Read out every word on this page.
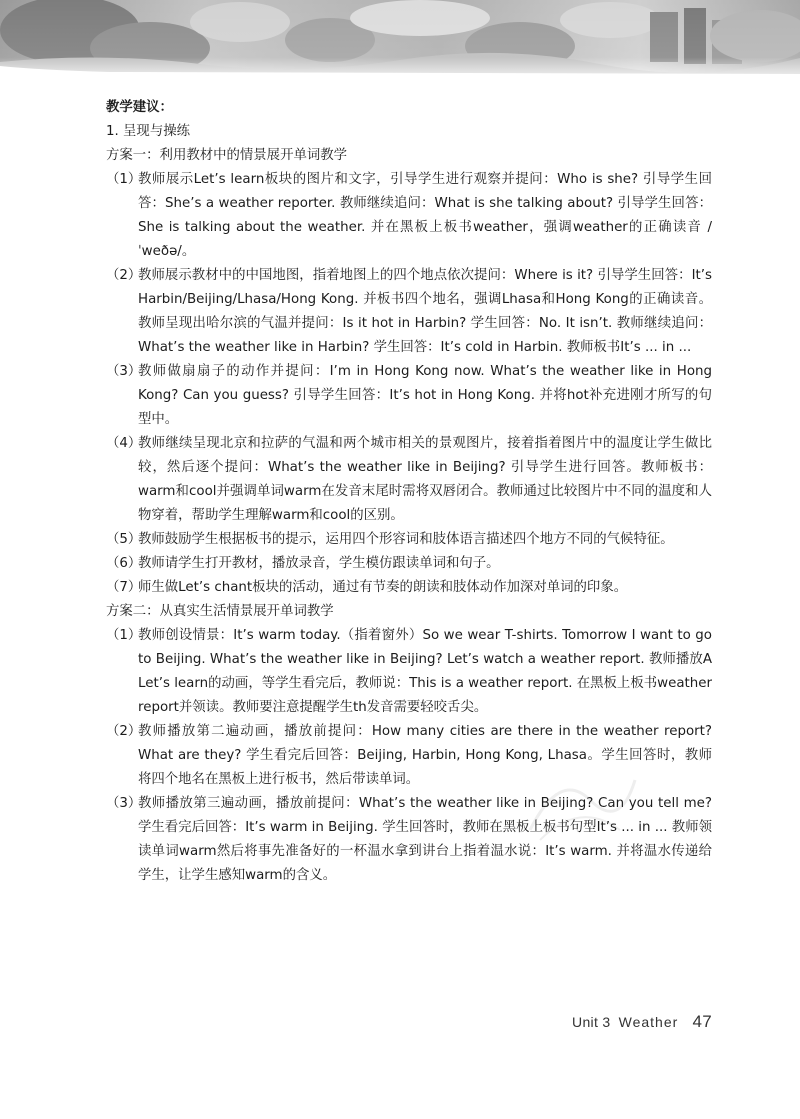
教学建议：

1. 呈现与操练

方案一：利用教材中的情景展开单词教学

（1）
教师展示Let’s learn板块的图片和文字，引导学生进行观察并提问：Who is she? 引导学生回答：She’s a weather reporter. 教师继续追问：What is she talking about? 引导学生回答：She is talking about the weather. 并在黑板上板书weather，强调weather的正确读音 /ˈweðə/。
（2）
教师展示教材中的中国地图，指着地图上的四个地点依次提问：Where is it? 引导学生回答：It’s Harbin/Beijing/Lhasa/Hong Kong. 并板书四个地名，强调Lhasa和Hong Kong的正确读音。教师呈现出哈尔滨的气温并提问：Is it hot in Harbin? 学生回答：No. It isn’t. 教师继续追问：What’s the weather like in Harbin? 学生回答：It’s cold in Harbin. 教师板书It’s ... in ...
（3）
教师做扇扇子的动作并提问：I’m in Hong Kong now. What’s the weather like in Hong Kong? Can you guess? 引导学生回答：It’s hot in Hong Kong. 并将hot补充进刚才所写的句型中。
（4）
教师继续呈现北京和拉萨的气温和两个城市相关的景观图片，接着指着图片中的温度让学生做比较，然后逐个提问：What’s the weather like in Beijing? 引导学生进行回答。教师板书：warm和cool并强调单词warm在发音末尾时需将双唇闭合。教师通过比较图片中不同的温度和人物穿着，帮助学生理解warm和cool的区别。
（5）
教师鼓励学生根据板书的提示，运用四个形容词和肢体语言描述四个地方不同的气候特征。
（6）
教师请学生打开教材，播放录音，学生模仿跟读单词和句子。
（7）
师生做Let’s chant板块的活动，通过有节奏的朗读和肢体动作加深对单词的印象。

方案二：从真实生活情景展开单词教学

（1）
教师创设情景：It’s warm today.（指着窗外）So we wear T-shirts. Tomorrow I want to go to Beijing. What’s the weather like in Beijing? Let’s watch a weather report. 教师播放A Let’s learn的动画，等学生看完后，教师说：This is a weather report. 在黑板上板书weather report并领读。教师要注意提醒学生th发音需要轻咬舌尖。
（2）
教师播放第二遍动画，播放前提问：How many cities are there in the weather report? What are they? 学生看完后回答：Beijing, Harbin, Hong Kong, Lhasa。学生回答时，教师将四个地名在黑板上进行板书，然后带读单词。
（3）
教师播放第三遍动画，播放前提问：What’s the weather like in Beijing? Can you tell me? 学生看完后回答：It’s warm in Beijing. 学生回答时，教师在黑板上板书句型It’s ... in ... 教师领读单词warm然后将事先准备好的一杯温水拿到讲台上指着温水说：It’s warm. 并将温水传递给学生，让学生感知warm的含义。
Unit 3 Weather 47
